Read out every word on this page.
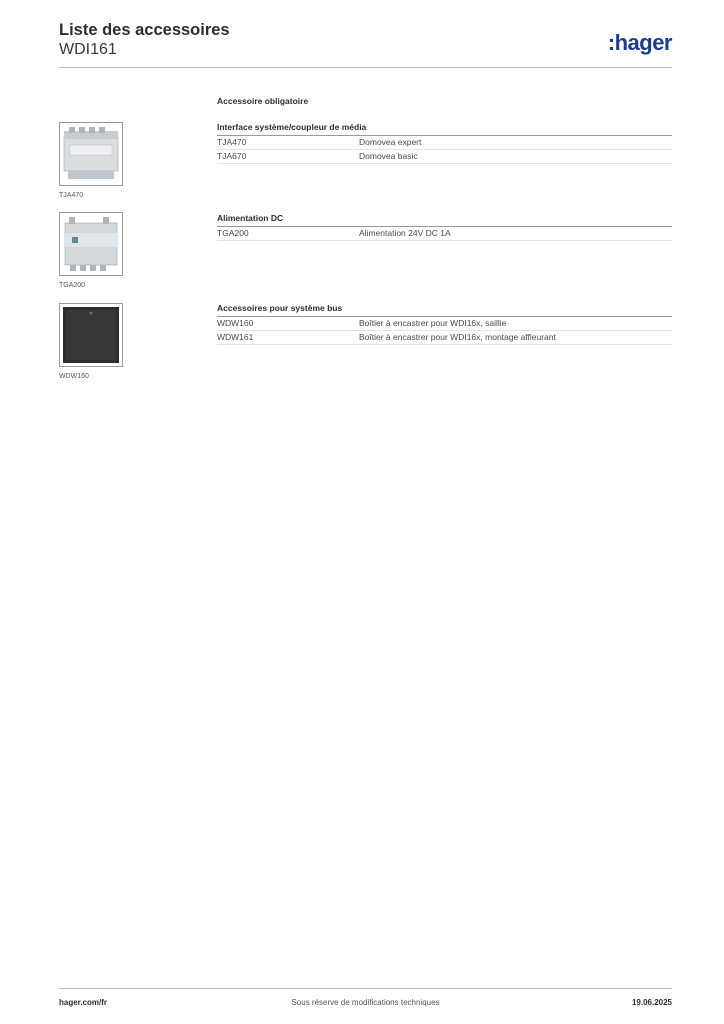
Liste des accessoires
WDI161	:hager
Accessoire obligatoire
TJA470
Interface système/coupleur de média
TJA470	Domovea expert
TJA670	Domovea basic
TGA200
Alimentation DC
TGA200	Alimentation 24V DC 1A
WDW160
Accessoires pour système bus
WDW160	Boîtier à encastrer pour WDI16x, saillie
WDW161	Boîtier à encastrer pour WDI16x, montage affleurant
hager.com/fr	Sous réserve de modifications techniques	19.06.2025
